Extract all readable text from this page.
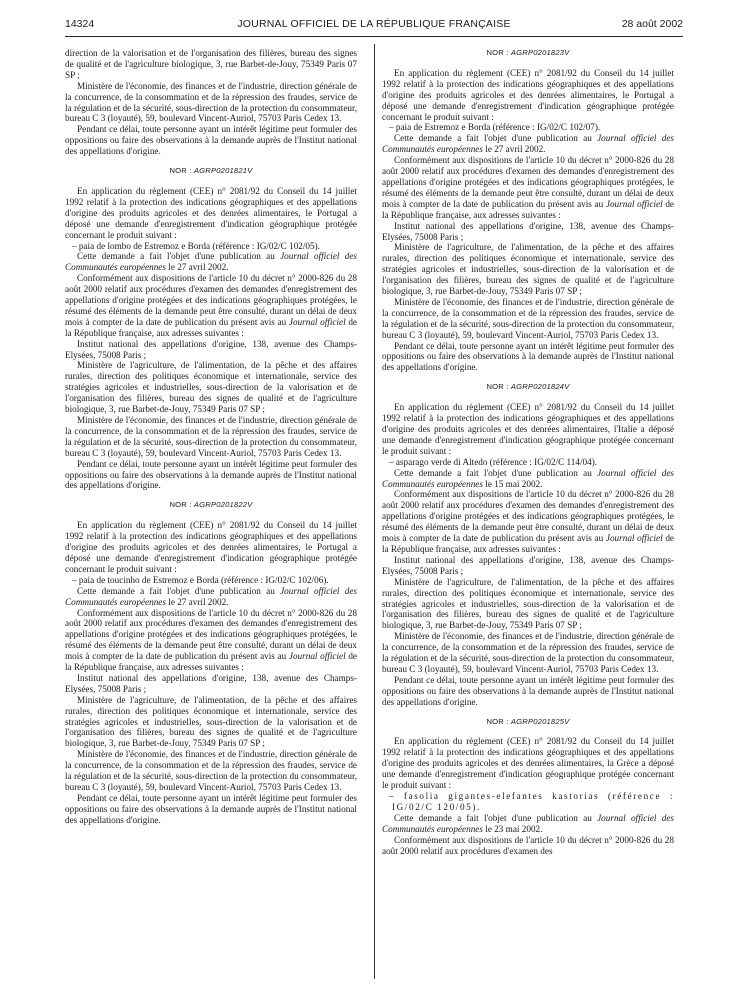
14324	JOURNAL OFFICIEL DE LA RÉPUBLIQUE FRANÇAISE	28 août 2002

direction de la valorisation et de l'organisation des filières, bureau des signes de qualité et de l'agriculture biologique, 3, rue Barbet-de-Jouy, 75349 Paris 07 SP ;

Ministère de l'économie, des finances et de l'industrie, direction générale de la concurrence, de la consommation et de la répression des fraudes, service de la régulation et de la sécurité, sous-direction de la protection du consommateur, bureau C 3 (loyauté), 59, boulevard Vincent-Auriol, 75703 Paris Cedex 13.

Pendant ce délai, toute personne ayant un intérêt légitime peut formuler des oppositions ou faire des observations à la demande auprès de l'Institut national des appellations d'origine.

NOR : AGRP0201821V

En application du règlement (CEE) n° 2081/92 du Conseil du 14 juillet 1992 relatif à la protection des indications géographiques et des appellations d'origine des produits agricoles et des denrées alimentaires, le Portugal a déposé une demande d'enregistrement d'indication géographique protégée concernant le produit suivant :

– paia de lombo de Estremoz e Borda (référence : IG/02/C 102/05).

Cette demande a fait l'objet d'une publication au Journal officiel des Communautés européennes le 27 avril 2002.

Conformément aux dispositions de l'article 10 du décret n° 2000-826 du 28 août 2000 relatif aux procédures d'examen des demandes d'enregistrement des appellations d'origine protégées et des indications géographiques protégées, le résumé des éléments de la demande peut être consulté, durant un délai de deux mois à compter de la date de publication du présent avis au Journal officiel de la République française, aux adresses suivantes :

Institut national des appellations d'origine, 138, avenue des Champs-Elysées, 75008 Paris ;

Ministère de l'agriculture, de l'alimentation, de la pêche et des affaires rurales, direction des politiques économique et internationale, service des stratégies agricoles et industrielles, sous-direction de la valorisation et de l'organisation des filières, bureau des signes de qualité et de l'agriculture biologique, 3, rue Barbet-de-Jouy, 75349 Paris 07 SP ;

Ministère de l'économie, des finances et de l'industrie, direction générale de la concurrence, de la consommation et de la répression des fraudes, service de la régulation et de la sécurité, sous-direction de la protection du consommateur, bureau C 3 (loyauté), 59, boulevard Vincent-Auriol, 75703 Paris Cedex 13.

Pendant ce délai, toute personne ayant un intérêt légitime peut formuler des oppositions ou faire des observations à la demande auprès de l'Institut national des appellations d'origine.

NOR : AGRP0201822V

En application du règlement (CEE) n° 2081/92 du Conseil du 14 juillet 1992 relatif à la protection des indications géographiques et des appellations d'origine des produits agricoles et des denrées alimentaires, le Portugal a déposé une demande d'enregistrement d'indication géographique protégée concernant le produit suivant :

– paia de toucinho de Estremoz e Borda (référence : IG/02/C 102/06).

Cette demande a fait l'objet d'une publication au Journal officiel des Communautés européennes le 27 avril 2002.

Conformément aux dispositions de l'article 10 du décret n° 2000-826 du 28 août 2000 relatif aux procédures d'examen des demandes d'enregistrement des appellations d'origine protégées et des indications géographiques protégées, le résumé des éléments de la demande peut être consulté, durant un délai de deux mois à compter de la date de publication du présent avis au Journal officiel de la République française, aux adresses suivantes :

Institut national des appellations d'origine, 138, avenue des Champs-Elysées, 75008 Paris ;

Ministère de l'agriculture, de l'alimentation, de la pêche et des affaires rurales, direction des politiques économique et internationale, service des stratégies agricoles et industrielles, sous-direction de la valorisation et de l'organisation des filières, bureau des signes de qualité et de l'agriculture biologique, 3, rue Barbet-de-Jouy, 75349 Paris 07 SP ;

Ministère de l'économie, des finances et de l'industrie, direction générale de la concurrence, de la consommation et de la répression des fraudes, service de la régulation et de la sécurité, sous-direction de la protection du consommateur, bureau C 3 (loyauté), 59, boulevard Vincent-Auriol, 75703 Paris Cedex 13.

Pendant ce délai, toute personne ayant un intérêt légitime peut formuler des oppositions ou faire des observations à la demande auprès de l'Institut national des appellations d'origine.

NOR : AGRP0201823V

En application du règlement (CEE) n° 2081/92 du Conseil du 14 juillet 1992 relatif à la protection des indications géographiques et des appellations d'origine des produits agricoles et des denrées alimentaires, le Portugal a déposé une demande d'enregistrement d'indication géographique protégée concernant le produit suivant :

– paia de Estremoz e Borda (référence : IG/02/C 102/07).

Cette demande a fait l'objet d'une publication au Journal officiel des Communautés européennes le 27 avril 2002.

Conformément aux dispositions de l'article 10 du décret n° 2000-826 du 28 août 2000 relatif aux procédures d'examen des demandes d'enregistrement des appellations d'origine protégées et des indications géographiques protégées, le résumé des éléments de la demande peut être consulté, durant un délai de deux mois à compter de la date de publication du présent avis au Journal officiel de la République française, aux adresses suivantes :

Institut national des appellations d'origine, 138, avenue des Champs-Elysées, 75008 Paris ;

Ministère de l'agriculture, de l'alimentation, de la pêche et des affaires rurales, direction des politiques économique et internationale, service des stratégies agricoles et industrielles, sous-direction de la valorisation et de l'organisation des filières, bureau des signes de qualité et de l'agriculture biologique, 3, rue Barbet-de-Jouy, 75349 Paris 07 SP ;

Ministère de l'économie, des finances et de l'industrie, direction générale de la concurrence, de la consommation et de la répression des fraudes, service de la régulation et de la sécurité, sous-direction de la protection du consommateur, bureau C 3 (loyauté), 59, boulevard Vincent-Auriol, 75703 Paris Cedex 13.

Pendant ce délai, toute personne ayant un intérêt légitime peut formuler des oppositions ou faire des observations à la demande auprès de l'Institut national des appellations d'origine.

NOR : AGRP0201824V

En application du règlement (CEE) n° 2081/92 du Conseil du 14 juillet 1992 relatif à la protection des indications géographiques et des appellations d'origine des produits agricoles et des denrées alimentaires, l'Italie a déposé une demande d'enregistrement d'indication géographique protégée concernant le produit suivant :

– asparago verde di Altedo (référence : IG/02/C 114/04).

Cette demande a fait l'objet d'une publication au Journal officiel des Communautés européennes le 15 mai 2002.

Conformément aux dispositions de l'article 10 du décret n° 2000-826 du 28 août 2000 relatif aux procédures d'examen des demandes d'enregistrement des appellations d'origine protégées et des indications géographiques protégées, le résumé des éléments de la demande peut être consulté, durant un délai de deux mois à compter de la date de publication du présent avis au Journal officiel de la République française, aux adresses suivantes :

Institut national des appellations d'origine, 138, avenue des Champs-Elysées, 75008 Paris ;

Ministère de l'agriculture, de l'alimentation, de la pêche et des affaires rurales, direction des politiques économique et internationale, service des stratégies agricoles et industrielles, sous-direction de la valorisation et de l'organisation des filières, bureau des signes de qualité et de l'agriculture biologique, 3, rue Barbet-de-Jouy, 75349 Paris 07 SP ;

Ministère de l'économie, des finances et de l'industrie, direction générale de la concurrence, de la consommation et de la répression des fraudes, service de la régulation et de la sécurité, sous-direction de la protection du consommateur, bureau C 3 (loyauté), 59, boulevard Vincent-Auriol, 75703 Paris Cedex 13.

Pendant ce délai, toute personne ayant un intérêt légitime peut formuler des oppositions ou faire des observations à la demande auprès de l'Institut national des appellations d'origine.

NOR : AGRP0201825V

En application du règlement (CEE) n° 2081/92 du Conseil du 14 juillet 1992 relatif à la protection des indications géographiques et des appellations d'origine des produits agricoles et des denrées alimentaires, la Grèce a déposé une demande d'enregistrement d'indication géographique protégée concernant le produit suivant :

– fasolia gigantes-elefantes kastorias (référence : IG/02/C 120/05).

Cette demande a fait l'objet d'une publication au Journal officiel des Communautés européennes le 23 mai 2002.

Conformément aux dispositions de l'article 10 du décret n° 2000-826 du 28 août 2000 relatif aux procédures d'examen des
